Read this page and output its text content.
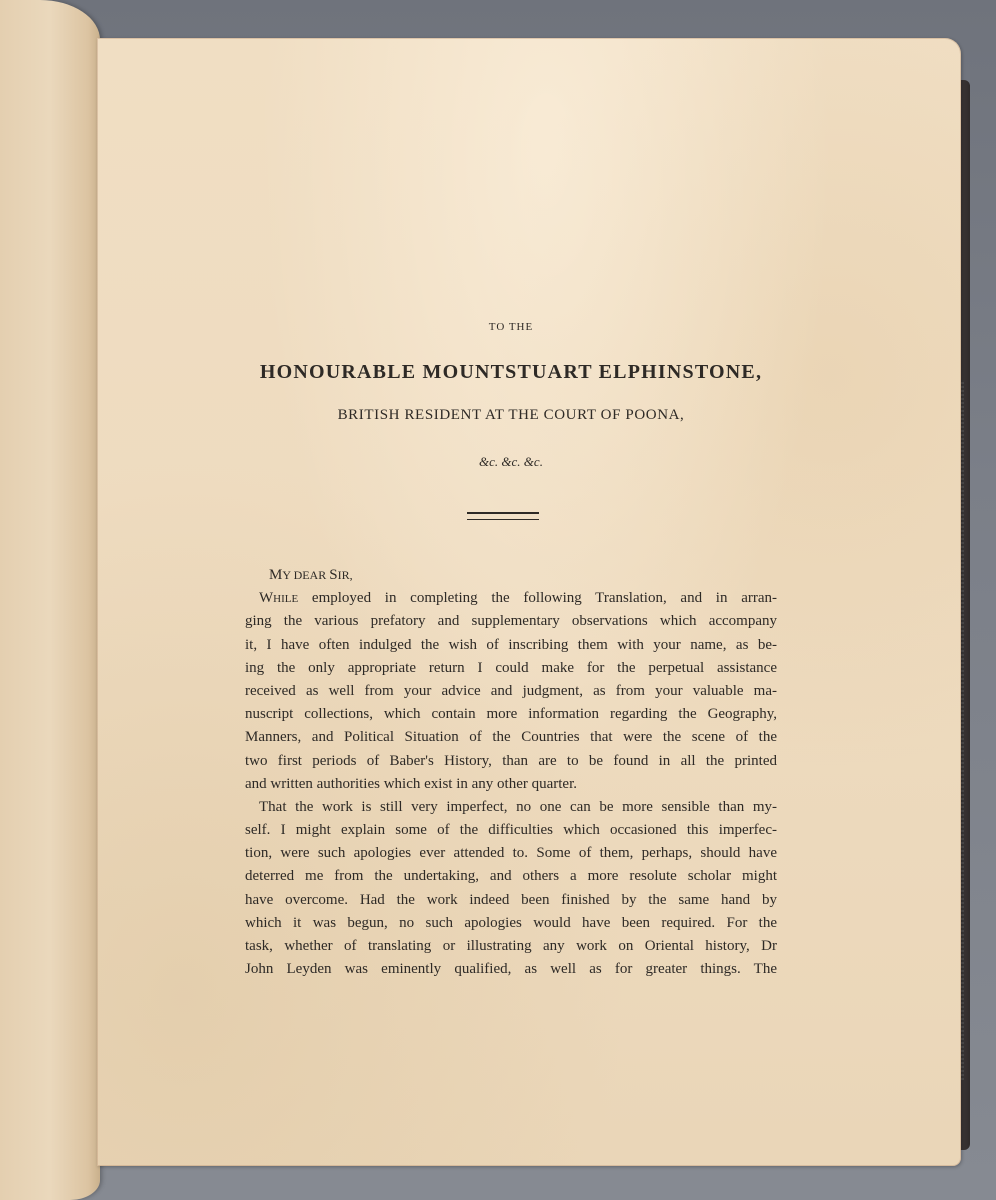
TO THE
HONOURABLE MOUNTSTUART ELPHINSTONE,
BRITISH RESIDENT AT THE COURT OF POONA,
&c. &c. &c.
MY DEAR SIR,
While employed in completing the following Translation, and in arran-
ging the various prefatory and supplementary observations which accompany
it, I have often indulged the wish of inscribing them with your name, as be-
ing the only appropriate return I could make for the perpetual assistance
received as well from your advice and judgment, as from your valuable ma-
nuscript collections, which contain more information regarding the Geography,
Manners, and Political Situation of the Countries that were the scene of the
two first periods of Baber's History, than are to be found in all the printed
and written authorities which exist in any other quarter.
That the work is still very imperfect, no one can be more sensible than my-
self. I might explain some of the difficulties which occasioned this imperfec-
tion, were such apologies ever attended to. Some of them, perhaps, should have
deterred me from the undertaking, and others a more resolute scholar might
have overcome. Had the work indeed been finished by the same hand by
which it was begun, no such apologies would have been required. For the
task, whether of translating or illustrating any work on Oriental history, Dr
John Leyden was eminently qualified, as well as for greater things. The
